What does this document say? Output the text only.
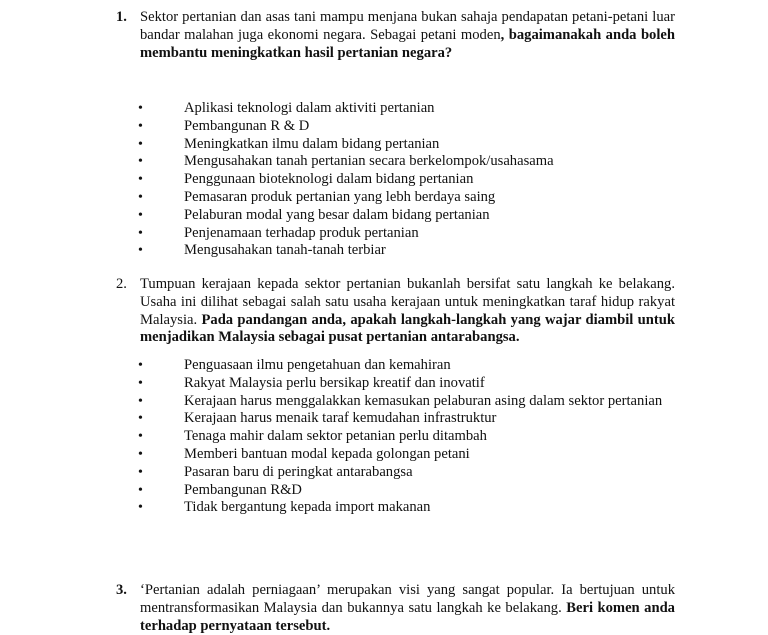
1. Sektor pertanian dan asas tani mampu menjana bukan sahaja pendapatan petani-petani luar bandar malahan juga ekonomi negara. Sebagai petani moden, bagaimanakah anda boleh membantu meningkatkan hasil pertanian negara?
• Aplikasi teknologi dalam aktiviti pertanian
• Pembangunan R & D
• Meningkatkan ilmu dalam bidang pertanian
• Mengusahakan tanah pertanian secara berkelompok/usahasama
• Penggunaan bioteknologi dalam bidang pertanian
• Pemasaran produk pertanian yang lebh berdaya saing
• Pelaburan modal yang besar dalam bidang pertanian
• Penjenamaan terhadap produk pertanian
• Mengusahakan tanah-tanah terbiar
2. Tumpuan kerajaan kepada sektor pertanian bukanlah bersifat satu langkah ke belakang. Usaha ini dilihat sebagai salah satu usaha kerajaan untuk meningkatkan taraf hidup rakyat Malaysia. Pada pandangan anda, apakah langkah-langkah yang wajar diambil untuk menjadikan Malaysia sebagai pusat pertanian antarabangsa.
• Penguasaan ilmu pengetahuan dan kemahiran
• Rakyat Malaysia perlu bersikap kreatif dan inovatif
• Kerajaan harus menggalakkan kemasukan pelaburan asing dalam sektor pertanian
• Kerajaan harus menaik taraf kemudahan infrastruktur
• Tenaga mahir dalam sektor petanian perlu ditambah
• Memberi bantuan modal kepada golongan petani
• Pasaran baru di peringkat antarabangsa
• Pembangunan R&D
• Tidak bergantung kepada import makanan
3. ‘Pertanian adalah perniagaan’ merupakan visi yang sangat popular. Ia bertujuan untuk mentransformasikan Malaysia dan bukannya satu langkah ke belakang. Beri komen anda terhadap pernyataan tersebut.
